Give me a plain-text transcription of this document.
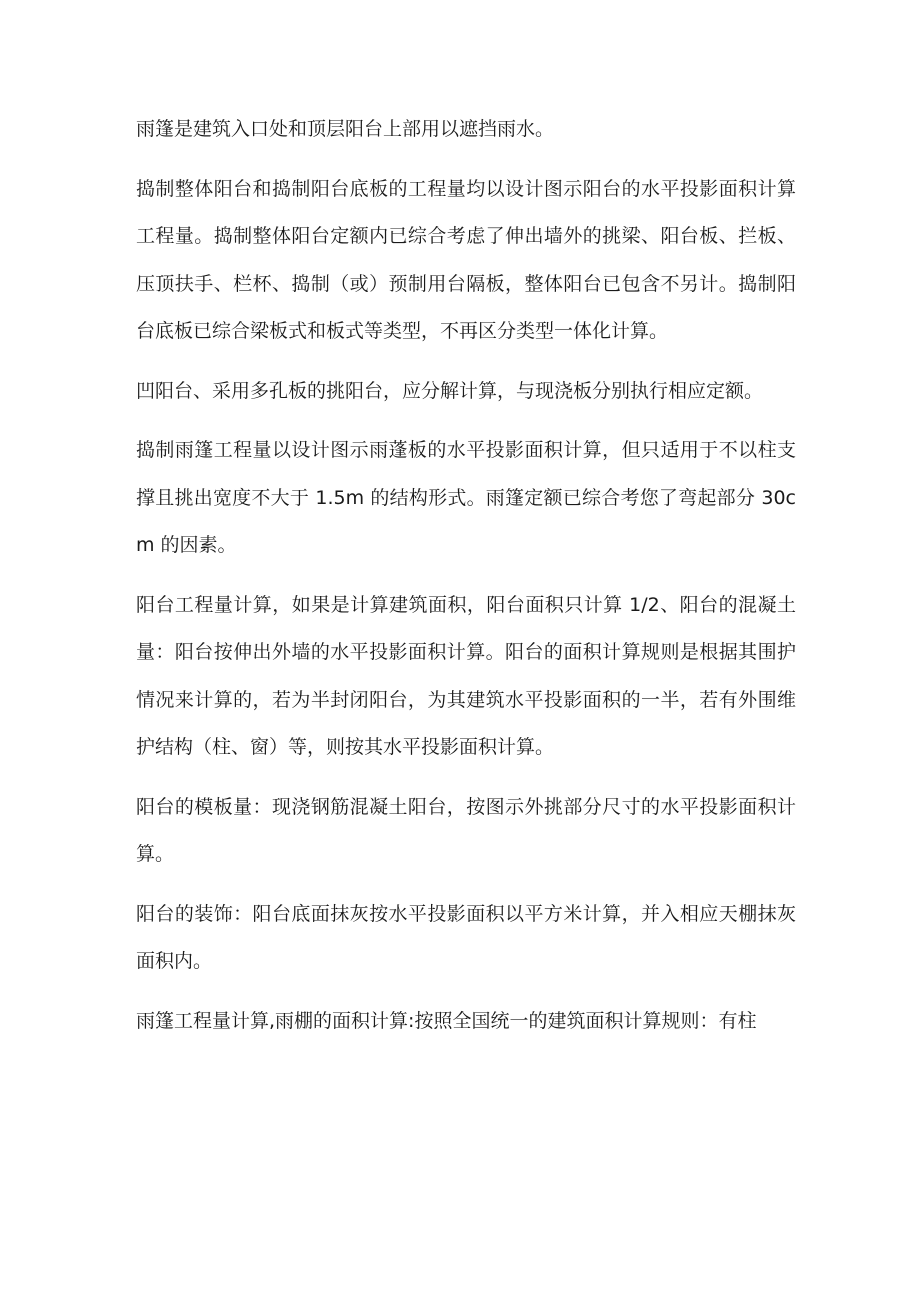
雨篷是建筑入口处和顶层阳台上部用以遮挡雨水。

捣制整体阳台和捣制阳台底板的工程量均以设计图示阳台的水平投影面积计算工程量。捣制整体阳台定额内已综合考虑了伸出墙外的挑梁、阳台板、拦板、压顶扶手、栏杯、捣制（或）预制用台隔板，整体阳台已包含不另计。捣制阳台底板已综合梁板式和板式等类型，不再区分类型一体化计算。

凹阳台、采用多孔板的挑阳台，应分解计算，与现浇板分别执行相应定额。

捣制雨篷工程量以设计图示雨蓬板的水平投影面积计算，但只适用于不以柱支撑且挑出宽度不大于 1.5m 的结构形式。雨篷定额已综合考您了弯起部分 30cm 的因素。

阳台工程量计算，如果是计算建筑面积，阳台面积只计算 1/2、阳台的混凝土量：阳台按伸出外墙的水平投影面积计算。阳台的面积计算规则是根据其围护情况来计算的，若为半封闭阳台，为其建筑水平投影面积的一半，若有外围维护结构（柱、窗）等，则按其水平投影面积计算。

阳台的模板量：现浇钢筋混凝土阳台，按图示外挑部分尺寸的水平投影面积计算。

阳台的装饰：阳台底面抹灰按水平投影面积以平方米计算，并入相应天棚抹灰面积内。

雨篷工程量计算,雨棚的面积计算:按照全国统一的建筑面积计算规则：有柱
